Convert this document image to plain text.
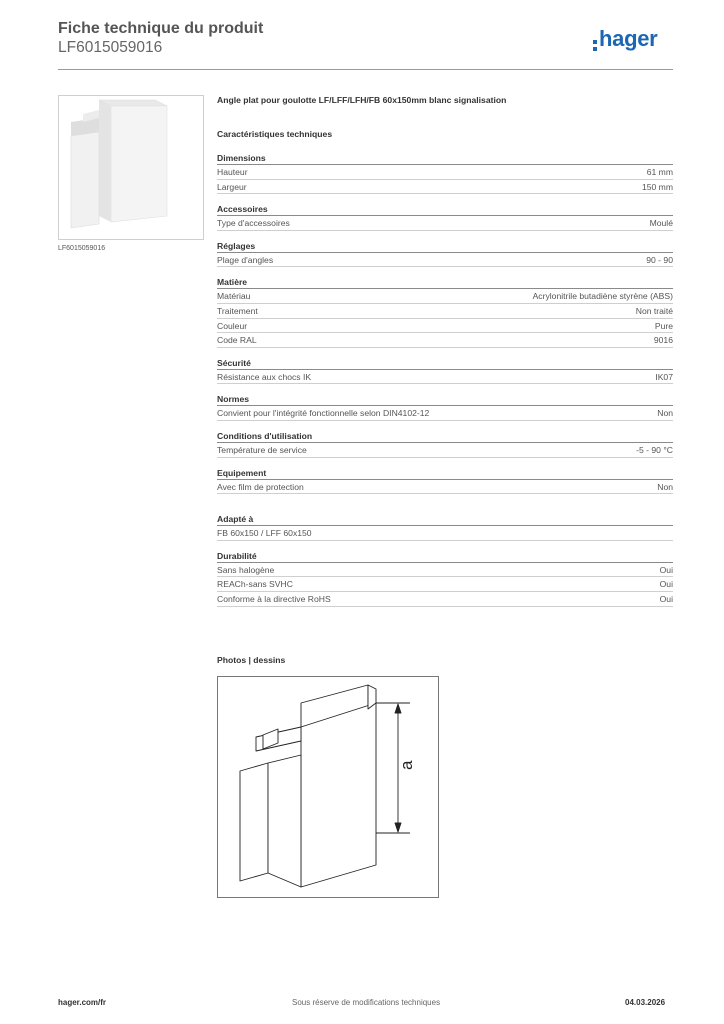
Fiche technique du produit
LF6015059016	hager
LF6015059016
Angle plat pour goulotte LF/LFF/LFH/FB 60x150mm blanc signalisation
Caractéristiques techniques
Dimensions
Hauteur	61 mm
Largeur	150 mm
Accessoires
Type d'accessoires	Moulé
Réglages
Plage d'angles	90 - 90
Matière
Matériau	Acrylonitrile butadiène styrène (ABS)
Traitement	Non traité
Couleur	Pure
Code RAL	9016
Sécurité
Résistance aux chocs IK	IK07
Normes
Convient pour l'intégrité fonctionnelle selon DIN4102-12	Non
Conditions d'utilisation
Température de service	-5 - 90 °C
Equipement
Avec film de protection	Non
Adapté à
FB 60x150 / LFF 60x150
Durabilité
Sans halogène	Oui
REACh-sans SVHC	Oui
Conforme à la directive RoHS	Oui
Photos | dessins
a
hager.com/fr	Sous réserve de modifications techniques	04.03.2026
